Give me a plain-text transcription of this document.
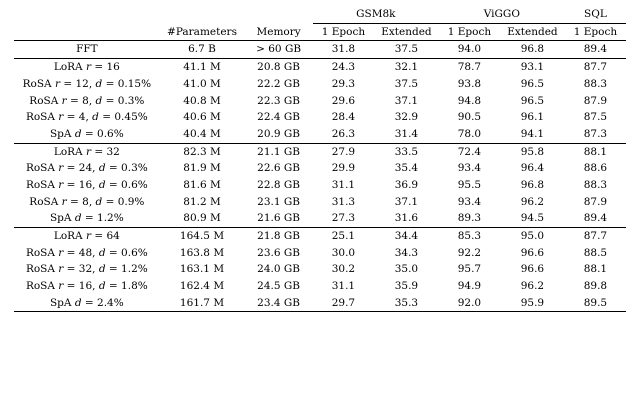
			GSM8k		ViGGO		SQL
	#Parameters	Memory	1 Epoch	Extended	1 Epoch	Extended	1 Epoch
FFT	6.7 B	> 60 GB	31.8	37.5	94.0	96.8	89.4
LoRA r = 16	41.1 M	20.8 GB	24.3	32.1	78.7	93.1	87.7
RoSA r = 12, d = 0.15%	41.0 M	22.2 GB	29.3	37.5	93.8	96.5	88.3
RoSA r = 8, d = 0.3%	40.8 M	22.3 GB	29.6	37.1	94.8	96.5	87.9
RoSA r = 4, d = 0.45%	40.6 M	22.4 GB	28.4	32.9	90.5	96.1	87.5
SpA d = 0.6%	40.4 M	20.9 GB	26.3	31.4	78.0	94.1	87.3
LoRA r = 32	82.3 M	21.1 GB	27.9	33.5	72.4	95.8	88.1
RoSA r = 24, d = 0.3%	81.9 M	22.6 GB	29.9	35.4	93.4	96.4	88.6
RoSA r = 16, d = 0.6%	81.6 M	22.8 GB	31.1	36.9	95.5	96.8	88.3
RoSA r = 8, d = 0.9%	81.2 M	23.1 GB	31.3	37.1	93.4	96.2	87.9
SpA d = 1.2%	80.9 M	21.6 GB	27.3	31.6	89.3	94.5	89.4
LoRA r = 64	164.5 M	21.8 GB	25.1	34.4	85.3	95.0	87.7
RoSA r = 48, d = 0.6%	163.8 M	23.6 GB	30.0	34.3	92.2	96.6	88.5
RoSA r = 32, d = 1.2%	163.1 M	24.0 GB	30.2	35.0	95.7	96.6	88.1
RoSA r = 16, d = 1.8%	162.4 M	24.5 GB	31.1	35.9	94.9	96.2	89.8
SpA d = 2.4%	161.7 M	23.4 GB	29.7	35.3	92.0	95.9	89.5
